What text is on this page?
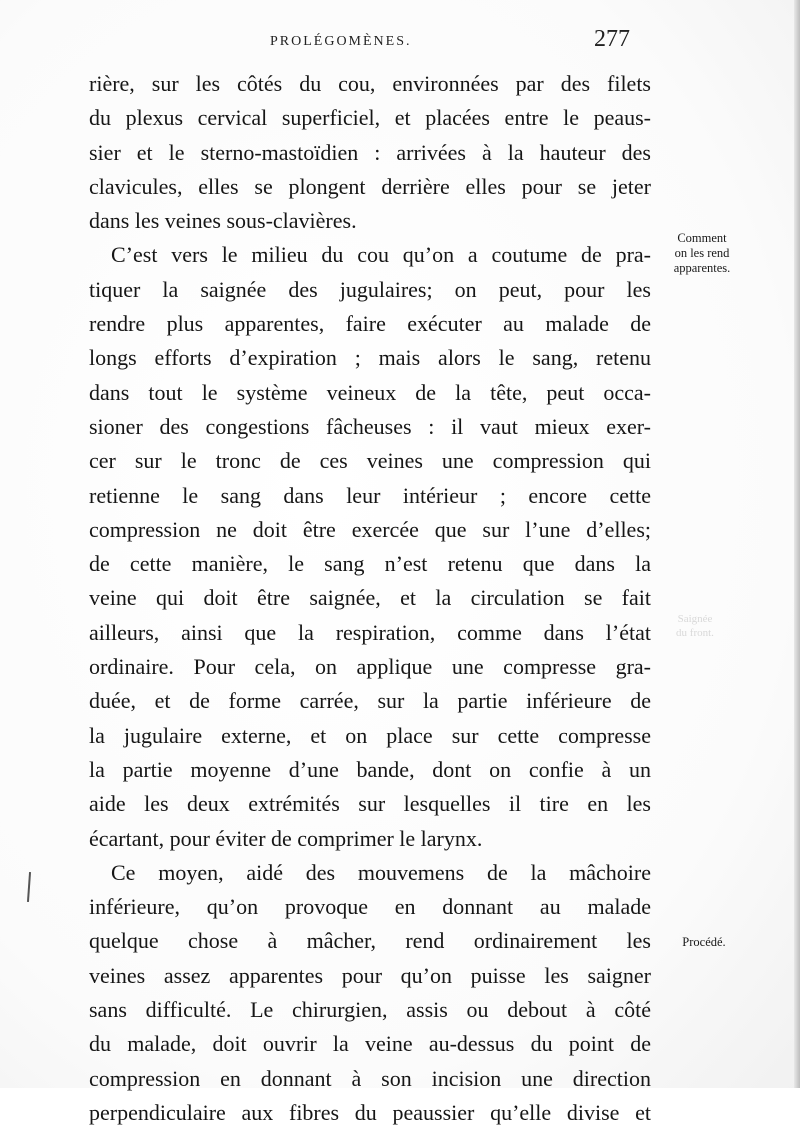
Saignée
du front.
PROLÉGOMÈNES.	277
rière, sur les côtés du cou, environnées par des filets
du plexus cervical superficiel, et placées entre le peaus-
sier et le sterno-mastoïdien : arrivées à la hauteur des
clavicules, elles se plongent derrière elles pour se jeter
dans les veines sous-clavières.
C’est vers le milieu du cou qu’on a coutume de pra-
tiquer la saignée des jugulaires; on peut, pour les
rendre plus apparentes, faire exécuter au malade de
longs efforts d’expiration ; mais alors le sang, retenu
dans tout le système veineux de la tête, peut occa-
sioner des congestions fâcheuses : il vaut mieux exer-
cer sur le tronc de ces veines une compression qui
retienne le sang dans leur intérieur ; encore cette
compression ne doit être exercée que sur l’une d’elles;
de cette manière, le sang n’est retenu que dans la
veine qui doit être saignée, et la circulation se fait
ailleurs, ainsi que la respiration, comme dans l’état
ordinaire. Pour cela, on applique une compresse gra-
duée, et de forme carrée, sur la partie inférieure de
la jugulaire externe, et on place sur cette compresse
la partie moyenne d’une bande, dont on confie à un
aide les deux extrémités sur lesquelles il tire en les
écartant, pour éviter de comprimer le larynx.
Ce moyen, aidé des mouvemens de la mâchoire
inférieure, qu’on provoque en donnant au malade
quelque chose à mâcher, rend ordinairement les
veines assez apparentes pour qu’on puisse les saigner
sans difficulté. Le chirurgien, assis ou debout à côté
du malade, doit ouvrir la veine au-dessus du point de
compression en donnant à son incision une direction
perpendiculaire aux fibres du peaussier qu’elle divise et
Comment
on les rend
apparentes.
Procédé.
